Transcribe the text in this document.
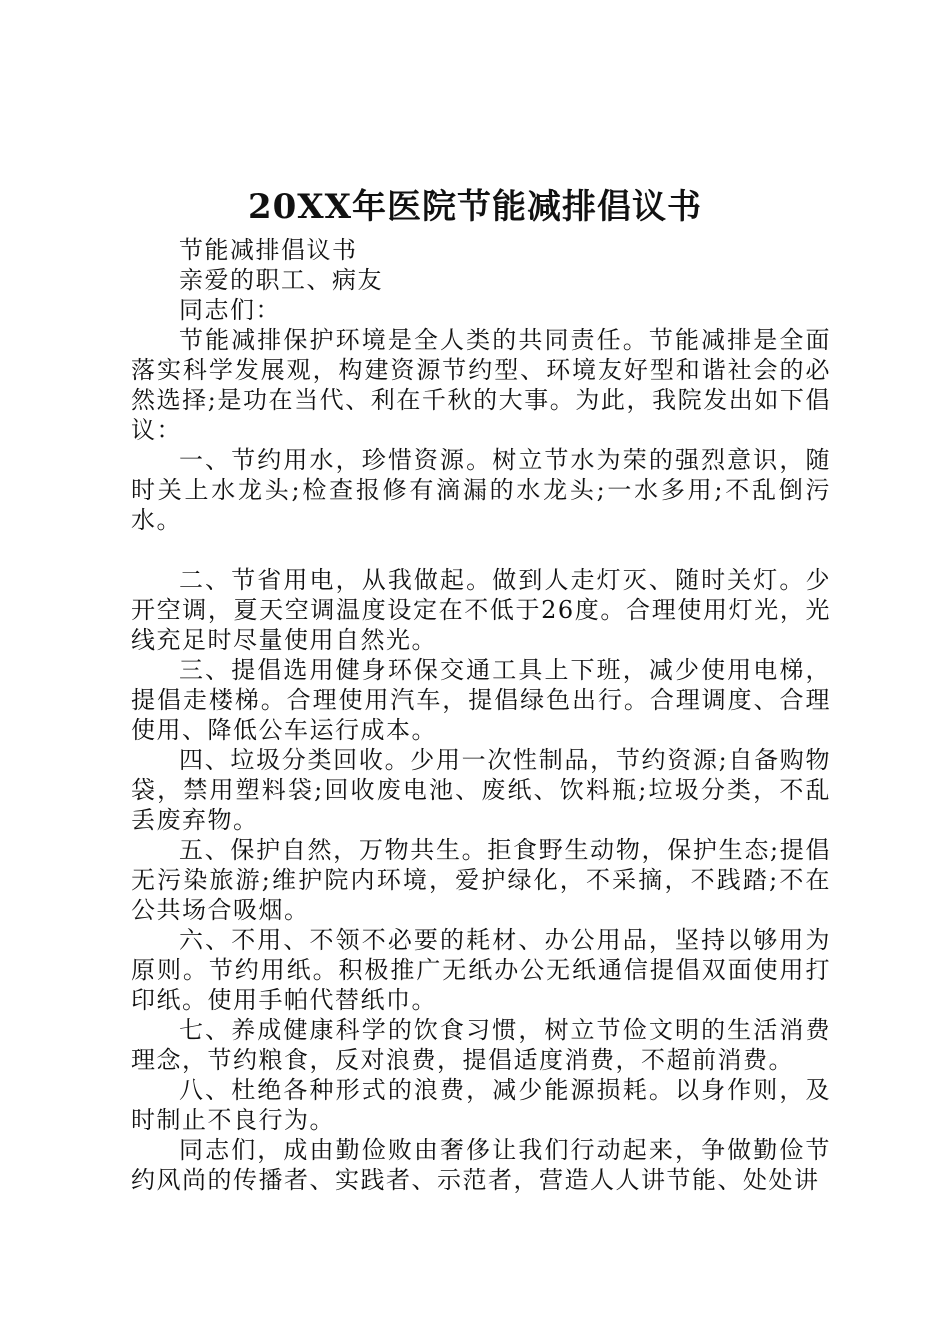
20XX年医院节能减排倡议书

节能减排倡议书

亲爱的职工、病友

同志们：

节能减排保护环境是全人类的共同责任。节能减排是全面落实科学发展观，构建资源节约型、环境友好型和谐社会的必然选择;是功在当代、利在千秋的大事。为此，我院发出如下倡议：

一、节约用水，珍惜资源。树立节水为荣的强烈意识，随时关上水龙头;检查报修有滴漏的水龙头;一水多用;不乱倒污水。

二、节省用电，从我做起。做到人走灯灭、随时关灯。少开空调，夏天空调温度设定在不低于26度。合理使用灯光，光线充足时尽量使用自然光。

三、提倡选用健身环保交通工具上下班，减少使用电梯，提倡走楼梯。合理使用汽车，提倡绿色出行。合理调度、合理使用、降低公车运行成本。

四、垃圾分类回收。少用一次性制品，节约资源;自备购物袋，禁用塑料袋;回收废电池、废纸、饮料瓶;垃圾分类，不乱丢废弃物。

五、保护自然，万物共生。拒食野生动物，保护生态;提倡无污染旅游;维护院内环境，爱护绿化，不采摘，不践踏;不在公共场合吸烟。

六、不用、不领不必要的耗材、办公用品，坚持以够用为原则。节约用纸。积极推广无纸办公无纸通信提倡双面使用打印纸。使用手帕代替纸巾。

七、养成健康科学的饮食习惯，树立节俭文明的生活消费理念，节约粮食，反对浪费，提倡适度消费，不超前消费。

八、杜绝各种形式的浪费，减少能源损耗。以身作则，及时制止不良行为。

同志们，成由勤俭败由奢侈让我们行动起来，争做勤俭节约风尚的传播者、实践者、示范者，营造人人讲节能、处处讲
